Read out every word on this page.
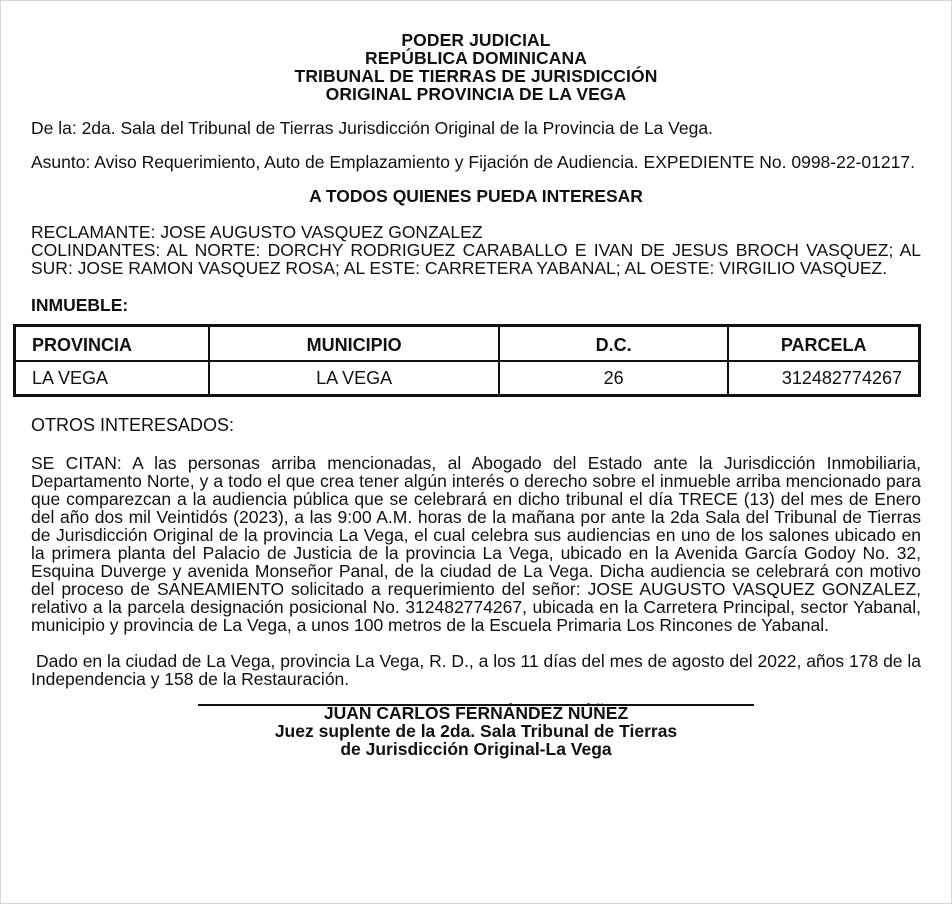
PODER JUDICIAL
REPÚBLICA DOMINICANA
TRIBUNAL DE TIERRAS DE JURISDICCIÓN
ORIGINAL PROVINCIA DE LA VEGA

De la: 2da. Sala del Tribunal de Tierras Jurisdicción Original de la Provincia de La Vega.

Asunto: Aviso Requerimiento, Auto de Emplazamiento y Fijación de Audiencia. EXPEDIENTE No. 0998-22-01217.

A TODOS QUIENES PUEDA INTERESAR

RECLAMANTE: JOSE AUGUSTO VASQUEZ GONZALEZ

COLINDANTES: AL NORTE: DORCHY RODRIGUEZ CARABALLO E IVAN DE JESUS BROCH VASQUEZ; AL SUR: JOSE RAMON VASQUEZ ROSA; AL ESTE: CARRETERA YABANAL; AL OESTE: VIRGILIO VASQUEZ.

INMUEBLE:
PROVINCIA	MUNICIPIO	D.C.	PARCELA
LA VEGA	LA VEGA	26	312482774267
OTROS INTERESADOS:

SE CITAN: A las personas arriba mencionadas, al Abogado del Estado ante la Jurisdicción Inmobiliaria, Departamento Norte, y a todo el que crea tener algún interés o derecho sobre el inmueble arriba mencionado para que comparezcan a la audiencia pública que se celebrará en dicho tribunal el día TRECE (13) del mes de Enero del año dos mil Veintidós (2023), a las 9:00 A.M. horas de la mañana por ante la 2da Sala del Tribunal de Tierras de Jurisdicción Original de la provincia La Vega, el cual celebra sus audiencias en uno de los salones ubicado en la primera planta del Palacio de Justicia de la provincia La Vega, ubicado en la Avenida García Godoy No. 32, Esquina Duverge y avenida Monseñor Panal, de la ciudad de La Vega. Dicha audiencia se celebrará con motivo del proceso de SANEAMIENTO solicitado a requerimiento del señor: JOSE AUGUSTO VASQUEZ GONZALEZ, relativo a la parcela designación posicional No. 312482774267, ubicada en la Carretera Principal, sector Yabanal, municipio y provincia de La Vega, a unos 100 metros de la Escuela Primaria Los Rincones de Yabanal.

Dado en la ciudad de La Vega, provincia La Vega, R. D., a los 11 días del mes de agosto del 2022, años 178 de la Independencia y 158 de la Restauración.

JUAN CARLOS FERNÁNDEZ NÚÑEZ
Juez suplente de la 2da. Sala Tribunal de Tierras
de Jurisdicción Original-La Vega
